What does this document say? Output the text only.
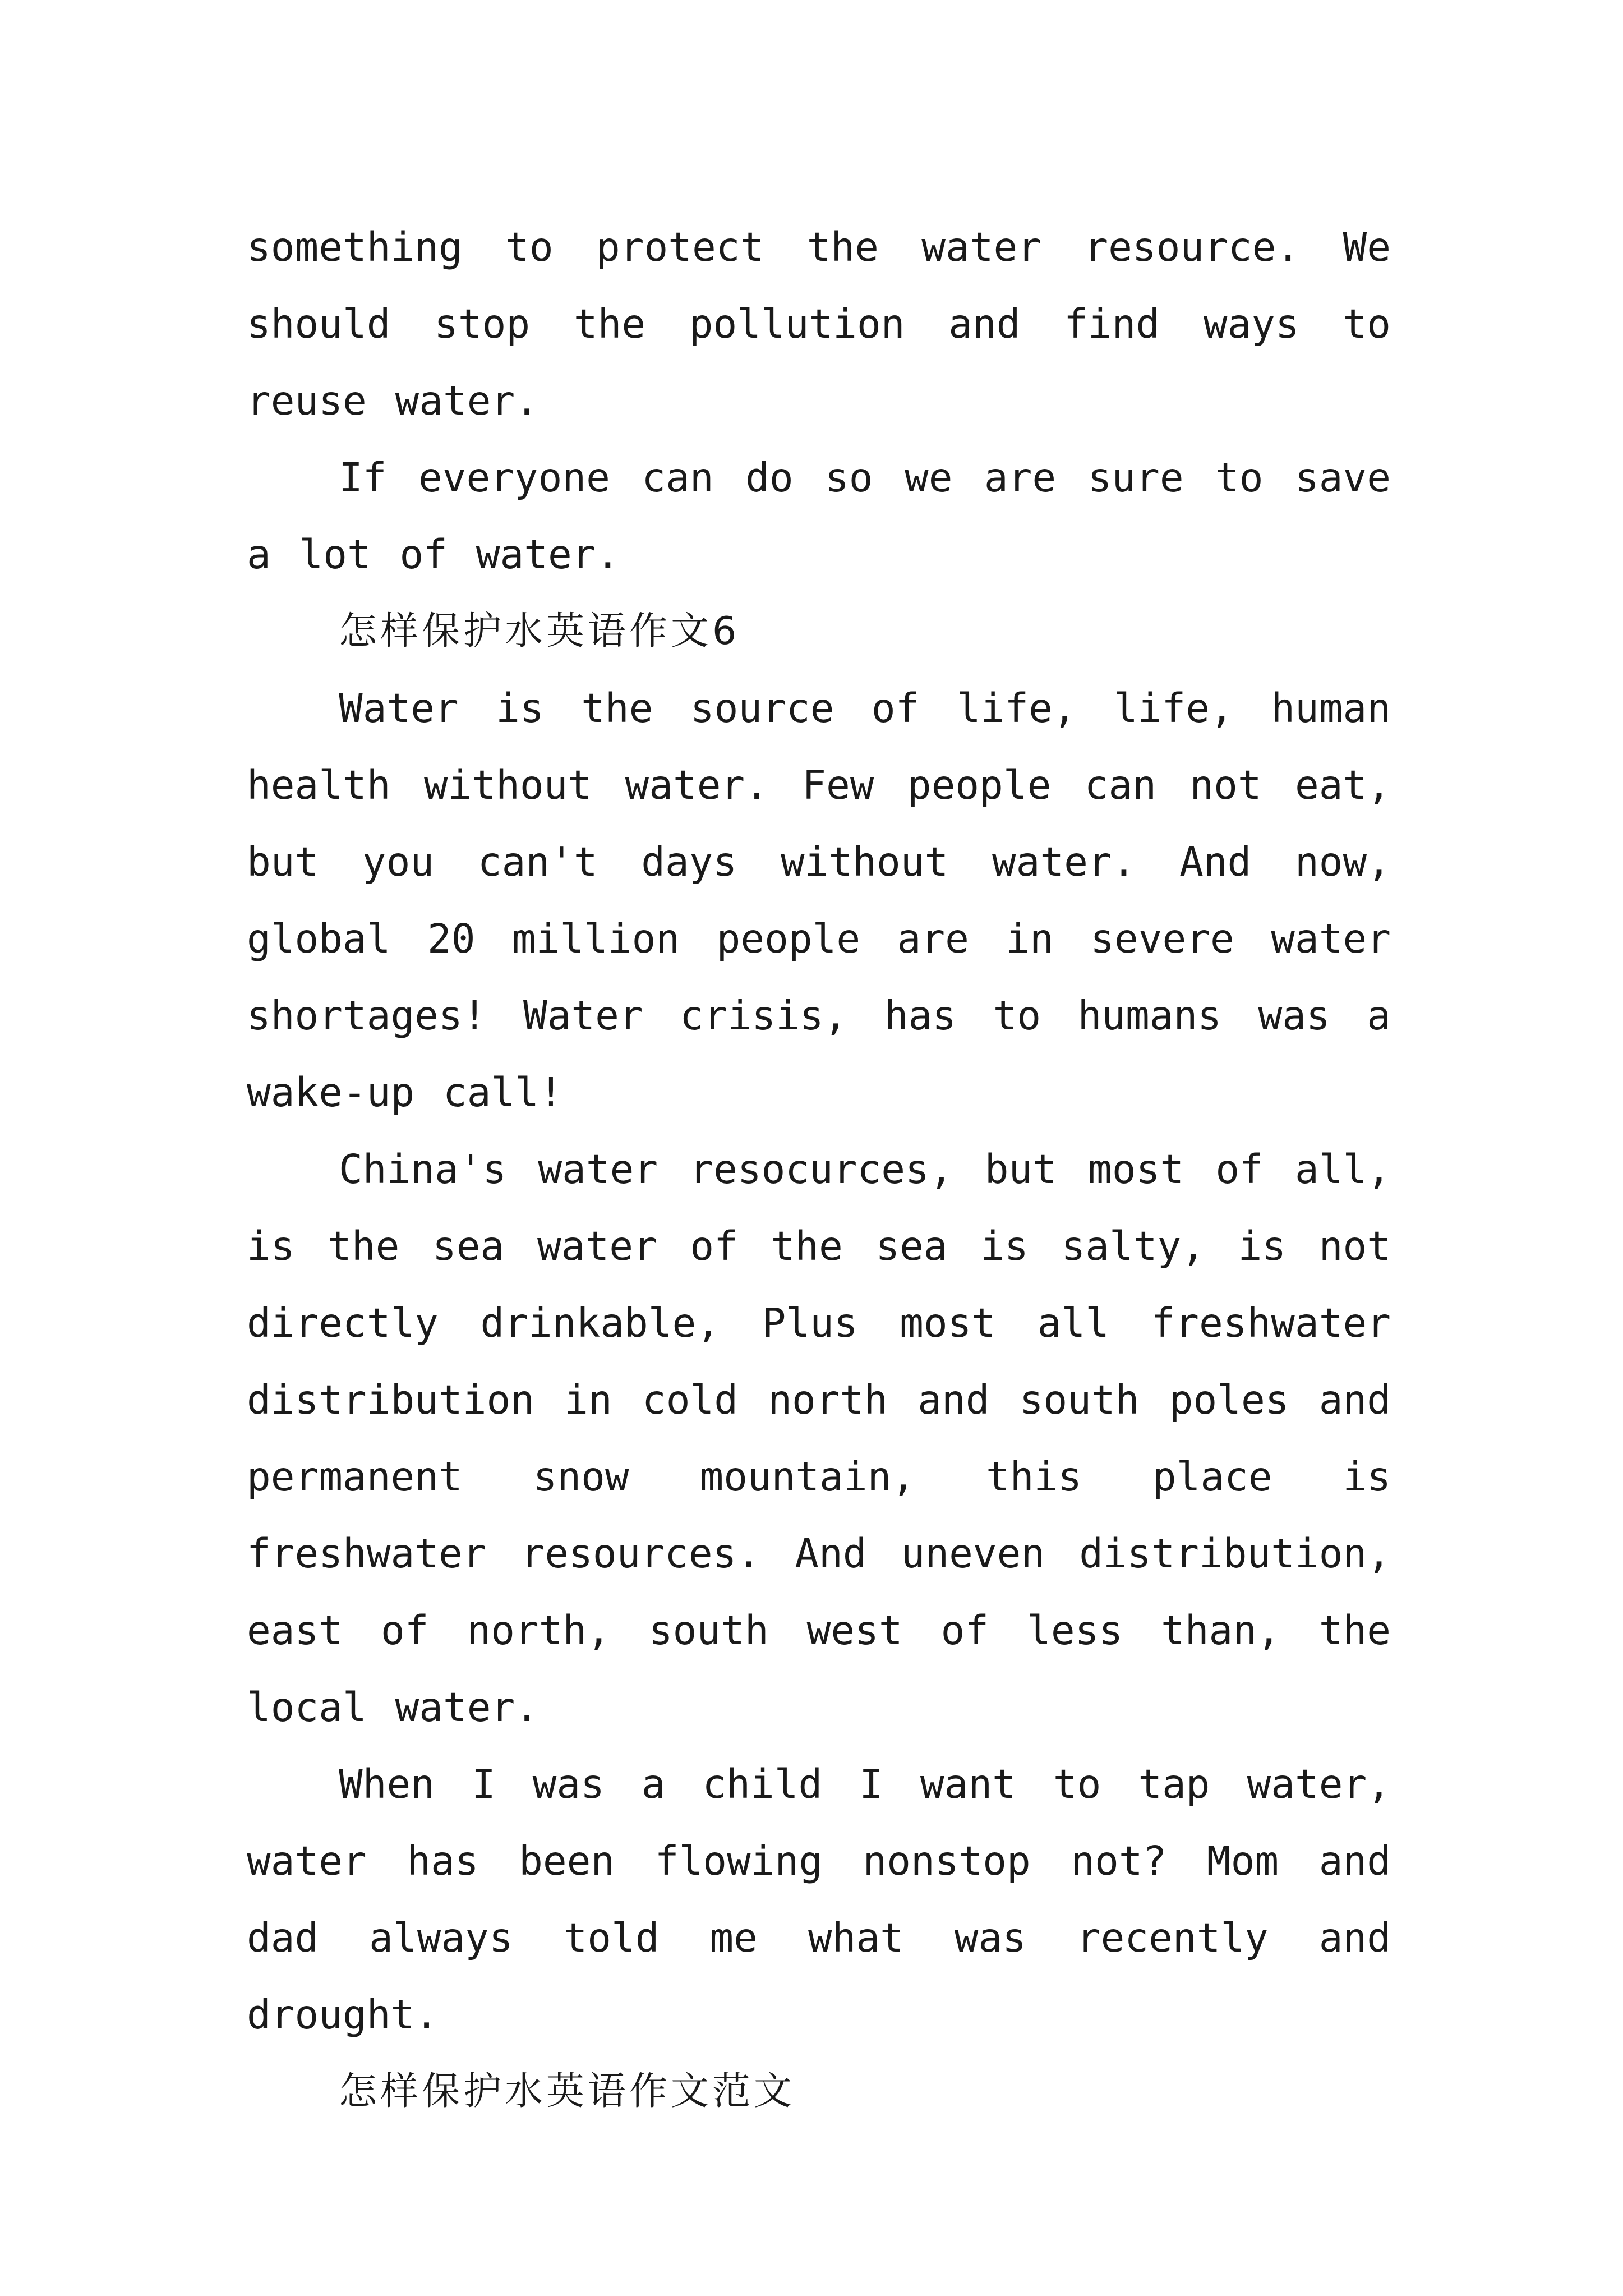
something to protect the water resource. We should stop the pollution and find ways to reuse water.

If everyone can do so we are sure to save a lot of water.

怎样保护水英语作文6

Water is the source of life, life, human health without water. Few people can not eat, but you can't days without water. And now, global 20 million people are in severe water shortages! Water crisis, has to humans was a wake-up call!

China's water resocurces, but most of all, is the sea water of the sea is salty, is not directly drinkable, Plus most all freshwater distribution in cold north and south poles and permanent snow mountain, this place is freshwater resources. And uneven distribution, east of north, south west of less than, the local water.

When I was a child I want to tap water, water has been flowing nonstop not? Mom and dad always told me what was recently and drought.

怎样保护水英语作文范文
